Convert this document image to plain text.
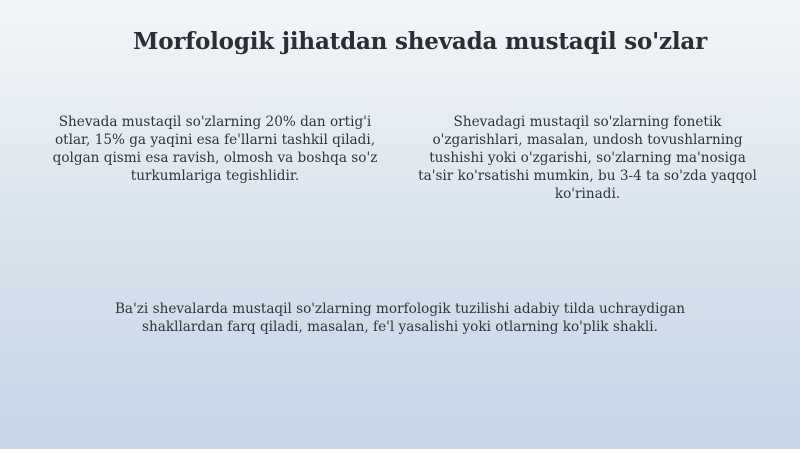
Morfologik jihatdan shevada mustaqil so'zlar

Shevada mustaqil so'zlarning 20% dan ortig'i otlar, 15% ga yaqini esa fe'llarni tashkil qiladi, qolgan qismi esa ravish, olmosh va boshqa so'z turkumlariga tegishlidir.

Shevadagi mustaqil so'zlarning fonetik o'zgarishlari, masalan, undosh tovushlarning tushishi yoki o'zgarishi, so'zlarning ma'nosiga ta'sir ko'rsatishi mumkin, bu 3-4 ta so'zda yaqqol ko'rinadi.

Ba'zi shevalarda mustaqil so'zlarning morfologik tuzilishi adabiy tilda uchraydigan shakllardan farq qiladi, masalan, fe'l yasalishi yoki otlarning ko'plik shakli.
